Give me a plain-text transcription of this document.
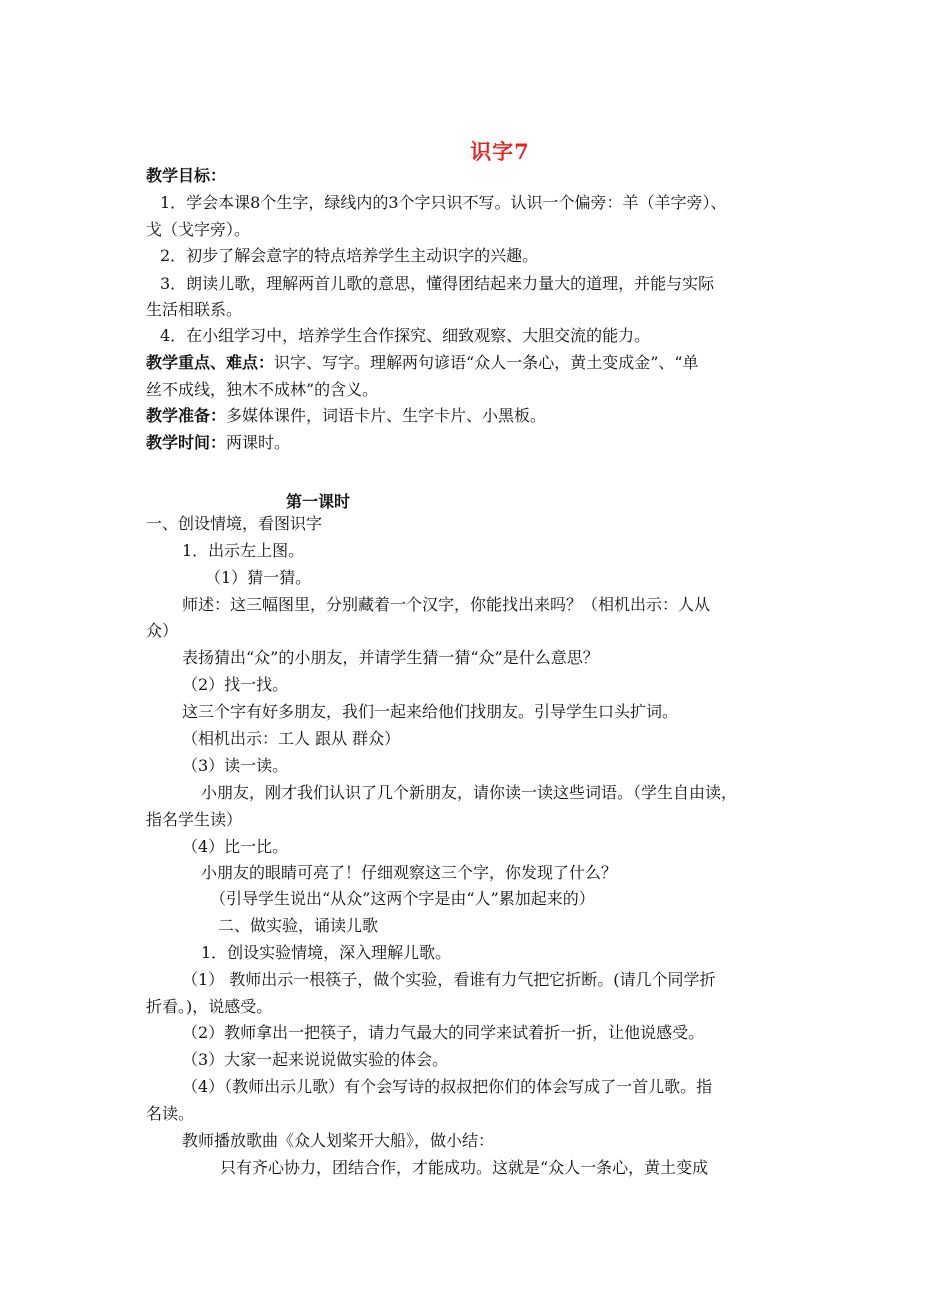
识字7
教学目标：
1．学会本课8个生字，绿线内的3个字只识不写。认识一个偏旁：羊（羊字旁）、
戈（戈字旁）。
2．初步了解会意字的特点培养学生主动识字的兴趣。
3．朗读儿歌，理解两首儿歌的意思，懂得团结起来力量大的道理，并能与实际
生活相联系。
4．在小组学习中，培养学生合作探究、细致观察、大胆交流的能力。
教学重点、难点：识字、写字。理解两句谚语“众人一条心，黄土变成金”、“单
丝不成线，独木不成林”的含义。
教学准备：多媒体课件，词语卡片、生字卡片、小黑板。
教学时间：两课时。
第一课时
一、创设情境，看图识字
1．出示左上图。
（1）猜一猜。
师述：这三幅图里，分别藏着一个汉字，你能找出来吗？（相机出示：人从
众）
表扬猜出“众”的小朋友，并请学生猜一猜“众”是什么意思？
（2）找一找。
这三个字有好多朋友，我们一起来给他们找朋友。引导学生口头扩词。
（相机出示：工人 跟从 群众）
（3）读一读。
小朋友，刚才我们认识了几个新朋友，请你读一读这些词语。（学生自由读，
指名学生读）
（4）比一比。
小朋友的眼睛可亮了！仔细观察这三个字，你发现了什么？
（引导学生说出“从众”这两个字是由“人”累加起来的）
二、做实验，诵读儿歌
1．创设实验情境，深入理解儿歌。
（1） 教师出示一根筷子，做个实验，看谁有力气把它折断。(请几个同学折
折看。)，说感受。
（2）教师拿出一把筷子，请力气最大的同学来试着折一折，让他说感受。
（3）大家一起来说说做实验的体会。
（4）（教师出示儿歌）有个会写诗的叔叔把你们的体会写成了一首儿歌。指
名读。
教师播放歌曲《众人划桨开大船》，做小结：
只有齐心协力，团结合作，才能成功。这就是“众人一条心，黄土变成
